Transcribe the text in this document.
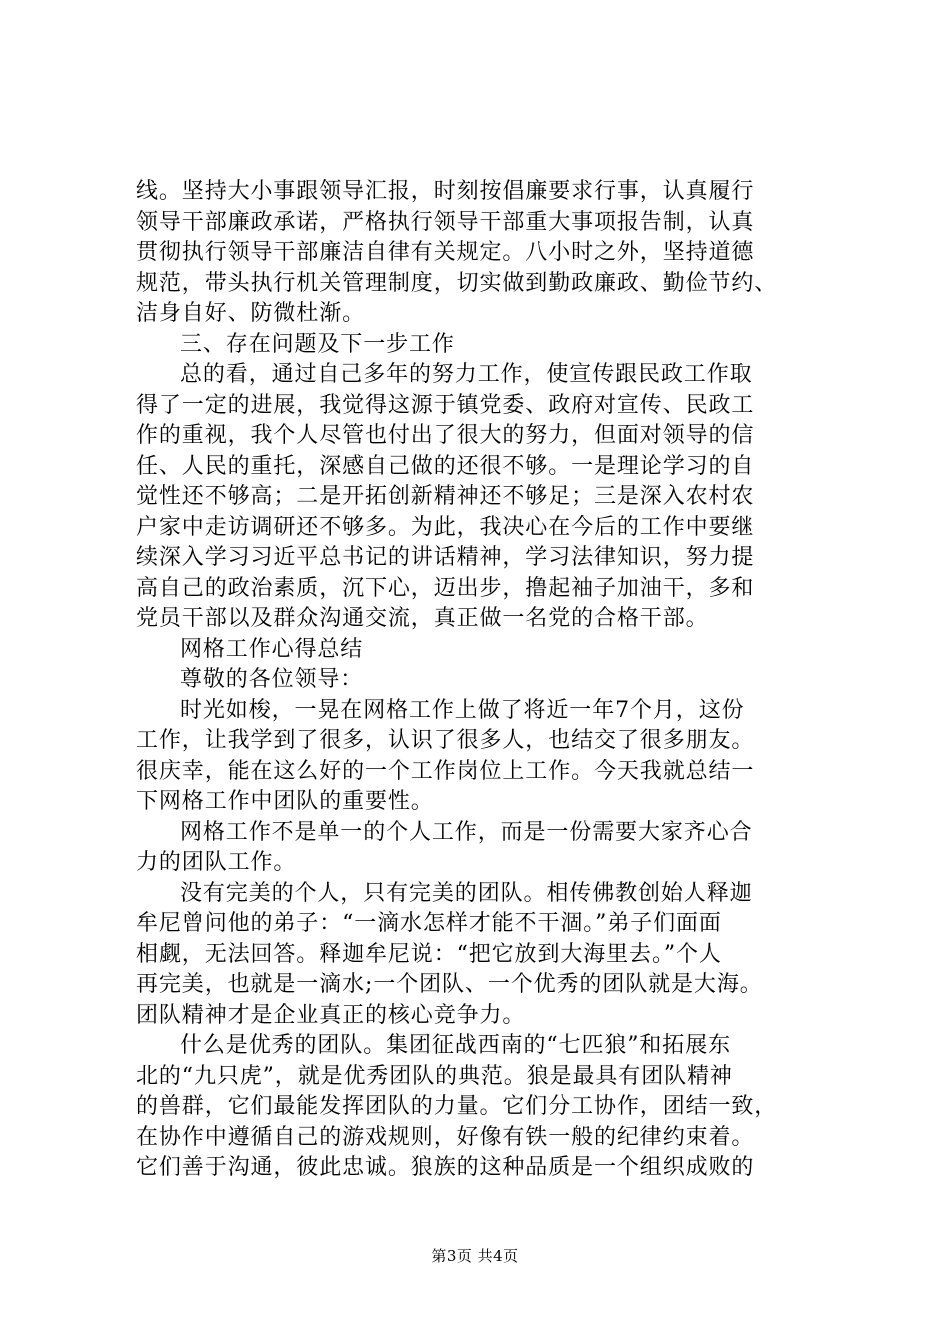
线。坚持大小事跟领导汇报，时刻按倡廉要求行事，认真履行
领导干部廉政承诺，严格执行领导干部重大事项报告制，认真
贯彻执行领导干部廉洁自律有关规定。八小时之外，坚持道德
规范，带头执行机关管理制度，切实做到勤政廉政、勤俭节约、
洁身自好、防微杜渐。
三、存在问题及下一步工作
总的看，通过自己多年的努力工作，使宣传跟民政工作取
得了一定的进展，我觉得这源于镇党委、政府对宣传、民政工
作的重视，我个人尽管也付出了很大的努力，但面对领导的信
任、人民的重托，深感自己做的还很不够。一是理论学习的自
觉性还不够高；二是开拓创新精神还不够足；三是深入农村农
户家中走访调研还不够多。为此，我决心在今后的工作中要继
续深入学习习近平总书记的讲话精神，学习法律知识，努力提
高自己的政治素质，沉下心，迈出步，撸起袖子加油干，多和
党员干部以及群众沟通交流，真正做一名党的合格干部。
网格工作心得总结
尊敬的各位领导：
时光如梭，一晃在网格工作上做了将近一年7个月，这份
工作，让我学到了很多，认识了很多人，也结交了很多朋友。
很庆幸，能在这么好的一个工作岗位上工作。今天我就总结一
下网格工作中团队的重要性。
网格工作不是单一的个人工作，而是一份需要大家齐心合
力的团队工作。
没有完美的个人，只有完美的团队。相传佛教创始人释迦
牟尼曾问他的弟子：“一滴水怎样才能不干涸。”弟子们面面
相觑，无法回答。释迦牟尼说：“把它放到大海里去。”个人
再完美，也就是一滴水;一个团队、一个优秀的团队就是大海。
团队精神才是企业真正的核心竞争力。
什么是优秀的团队。集团征战西南的“七匹狼”和拓展东
北的“九只虎”，就是优秀团队的典范。狼是最具有团队精神
的兽群，它们最能发挥团队的力量。它们分工协作，团结一致，
在协作中遵循自己的游戏规则，好像有铁一般的纪律约束着。
它们善于沟通，彼此忠诚。狼族的这种品质是一个组织成败的
第3页 共4页
